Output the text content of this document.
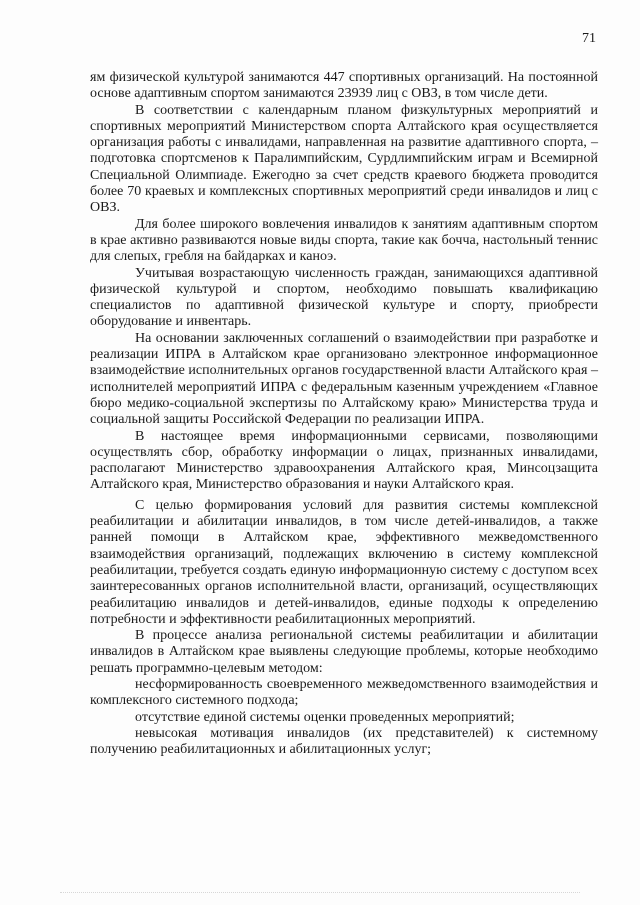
71

ям физической культурой занимаются 447 спортивных организаций. На постоянной основе адаптивным спортом занимаются 23939 лиц с ОВЗ, в том числе дети.

В соответствии с календарным планом физкультурных мероприятий и спортивных мероприятий Министерством спорта Алтайского края осуществляется организация работы с инвалидами, направленная на развитие адаптивного спорта, – подготовка спортсменов к Паралимпийским, Сурдлимпийским играм и Всемирной Специальной Олимпиаде. Ежегодно за счет средств краевого бюджета проводится более 70 краевых и комплексных спортивных мероприятий среди инвалидов и лиц с ОВЗ.

Для более широкого вовлечения инвалидов к занятиям адаптивным спортом в крае активно развиваются новые виды спорта, такие как бочча, настольный теннис для слепых, гребля на байдарках и каноэ.

Учитывая возрастающую численность граждан, занимающихся адаптивной физической культурой и спортом, необходимо повышать квалификацию специалистов по адаптивной физической культуре и спорту, приобрести оборудование и инвентарь.

На основании заключенных соглашений о взаимодействии при разработке и реализации ИПРА в Алтайском крае организовано электронное информационное взаимодействие исполнительных органов государственной власти Алтайского края – исполнителей мероприятий ИПРА с федеральным казенным учреждением «Главное бюро медико-социальной экспертизы по Алтайскому краю» Министерства труда и социальной защиты Российской Федерации по реализации ИПРА.

В настоящее время информационными сервисами, позволяющими осуществлять сбор, обработку информации о лицах, признанных инвалидами, располагают Министерство здравоохранения Алтайского края, Минсоцзащита Алтайского края, Министерство образования и науки Алтайского края.

С целью формирования условий для развития системы комплексной реабилитации и абилитации инвалидов, в том числе детей-инвалидов, а также ранней помощи в Алтайском крае, эффективного межведомственного взаимодействия организаций, подлежащих включению в систему комплексной реабилитации, требуется создать единую информационную систему с доступом всех заинтересованных органов исполнительной власти, организаций, осуществляющих реабилитацию инвалидов и детей-инвалидов, единые подходы к определению потребности и эффективности реабилитационных мероприятий.

В процессе анализа региональной системы реабилитации и абилитации инвалидов в Алтайском крае выявлены следующие проблемы, которые необходимо решать программно-целевым методом:

несформированность своевременного межведомственного взаимодействия и комплексного системного подхода;

отсутствие единой системы оценки проведенных мероприятий;

невысокая мотивация инвалидов (их представителей) к системному получению реабилитационных и абилитационных услуг;
